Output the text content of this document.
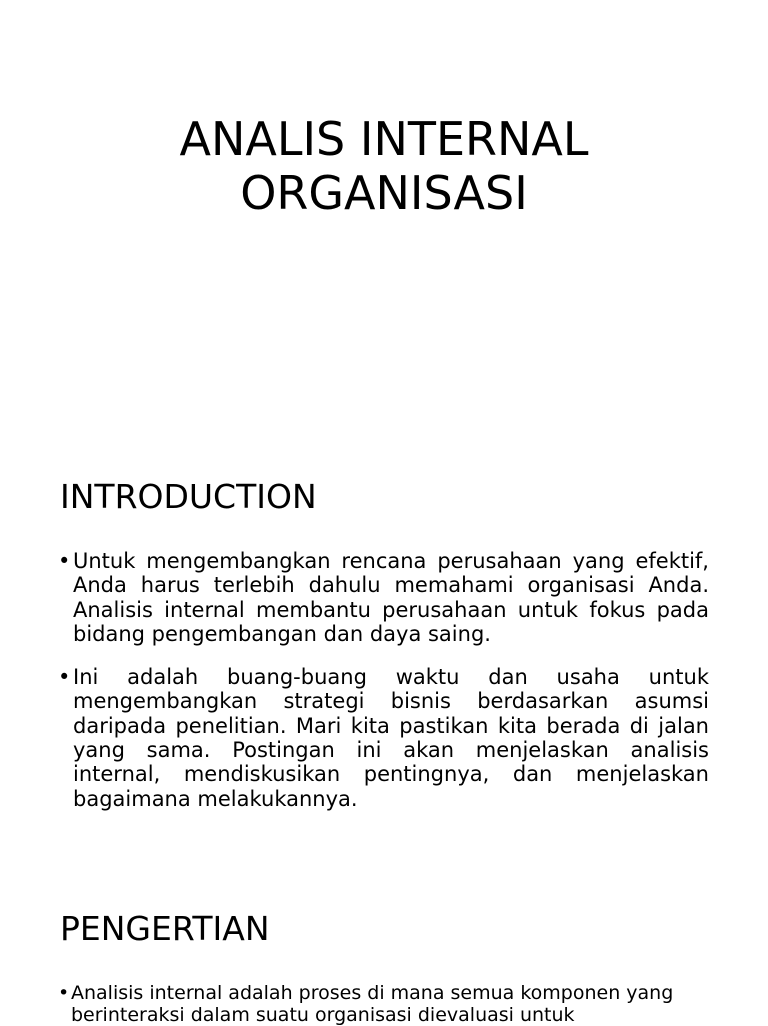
ANALIS INTERNAL
ORGANISASI
INTRODUCTION
• Untuk mengembangkan rencana perusahaan yang efektif, Anda harus terlebih dahulu memahami organisasi Anda. Analisis internal membantu perusahaan untuk fokus pada bidang pengembangan dan daya saing.
• Ini adalah buang-buang waktu dan usaha untuk mengembangkan strategi bisnis berdasarkan asumsi daripada penelitian. Mari kita pastikan kita berada di jalan yang sama. Postingan ini akan menjelaskan analisis internal, mendiskusikan pentingnya, dan menjelaskan bagaimana melakukannya.
PENGERTIAN
• Analisis internal adalah proses di mana semua komponen yang berinteraksi dalam suatu organisasi dievaluasi untuk
